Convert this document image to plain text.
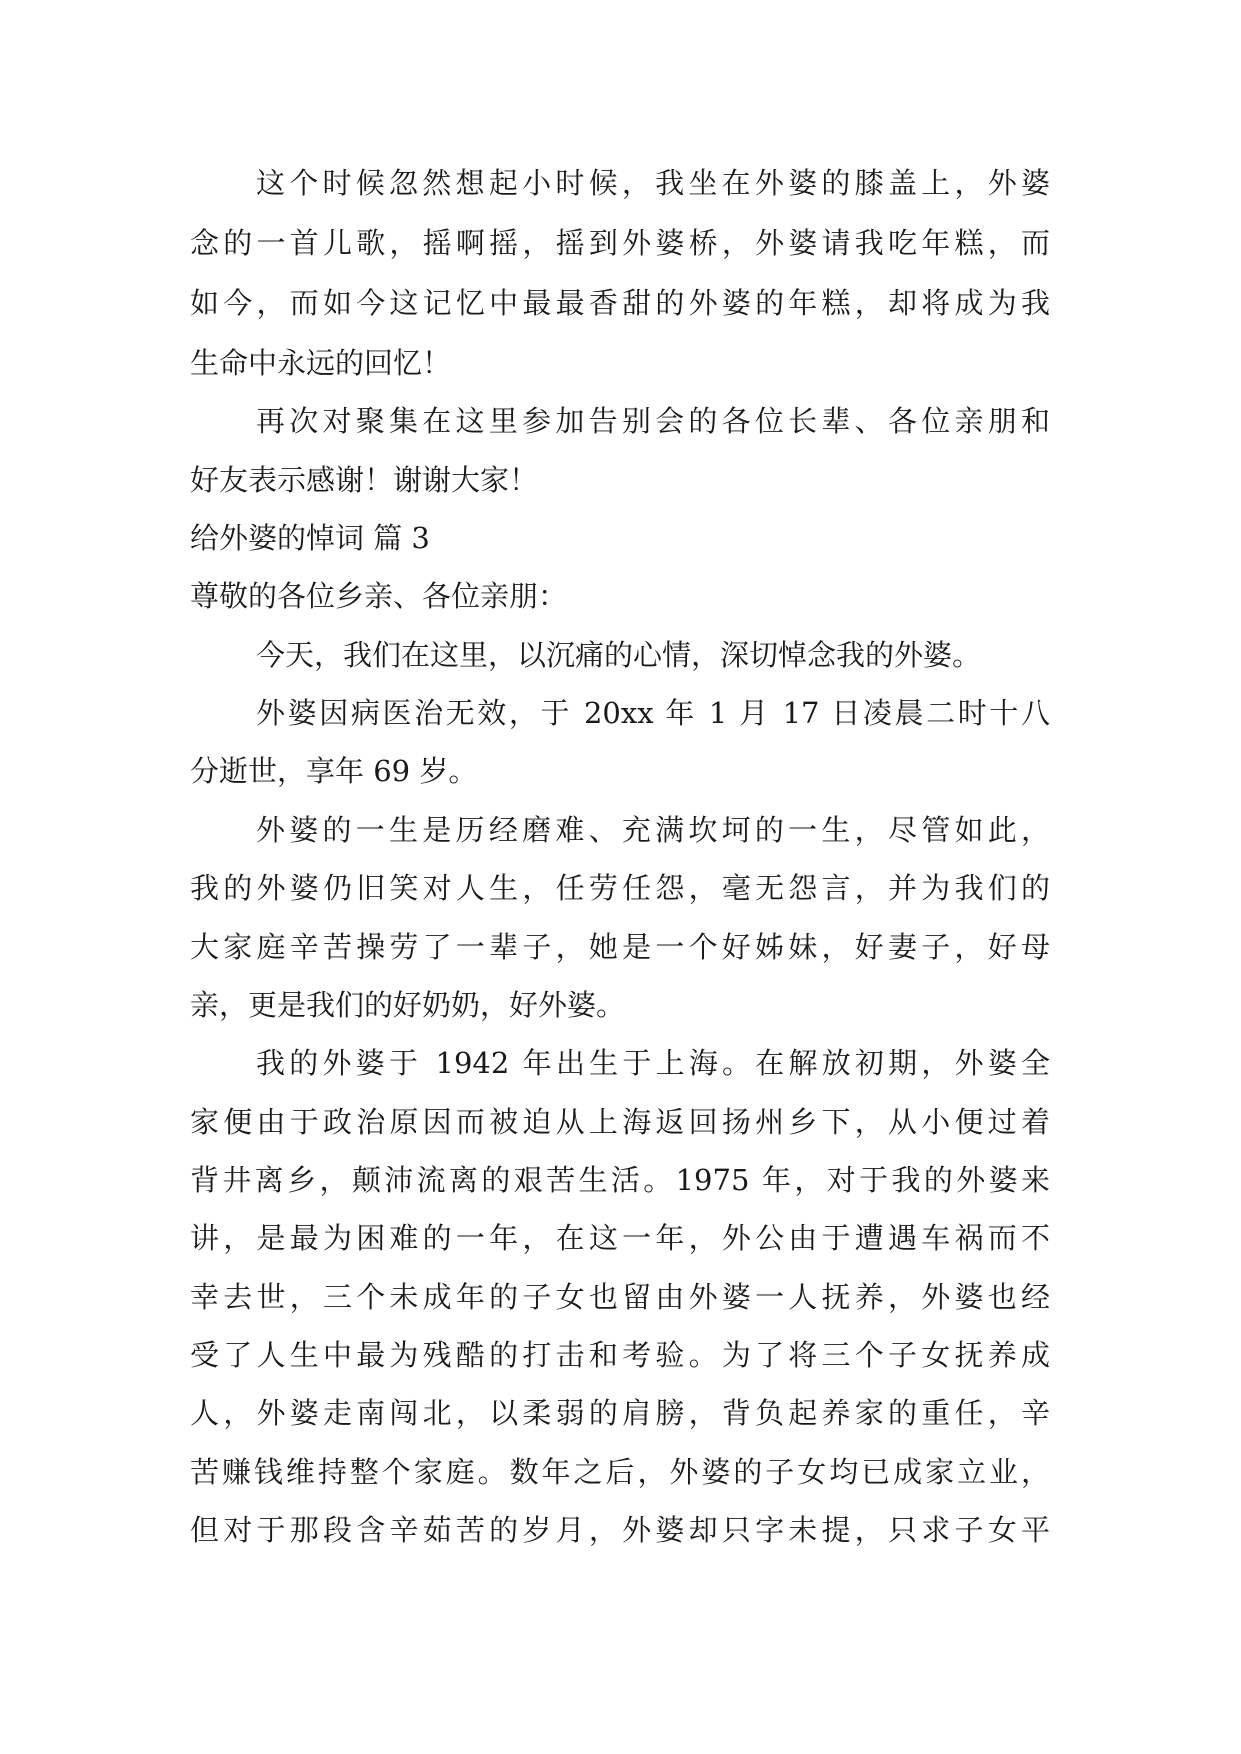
这个时候忽然想起小时候，我坐在外婆的膝盖上，外婆
念的一首儿歌，摇啊摇，摇到外婆桥，外婆请我吃年糕，而
如今，而如今这记忆中最最香甜的外婆的年糕，却将成为我
生命中永远的回忆！
再次对聚集在这里参加告别会的各位长辈、各位亲朋和
好友表示感谢！谢谢大家！
给外婆的悼词 篇 3
尊敬的各位乡亲、各位亲朋：
今天，我们在这里，以沉痛的心情，深切悼念我的外婆。
外婆因病医治无效，于 20xx 年 1 月 17 日凌晨二时十八
分逝世，享年 69 岁。
外婆的一生是历经磨难、充满坎坷的一生，尽管如此，
我的外婆仍旧笑对人生，任劳任怨，毫无怨言，并为我们的
大家庭辛苦操劳了一辈子，她是一个好姊妹，好妻子，好母
亲，更是我们的好奶奶，好外婆。
我的外婆于 1942 年出生于上海。在解放初期，外婆全
家便由于政治原因而被迫从上海返回扬州乡下，从小便过着
背井离乡，颠沛流离的艰苦生活。1975 年，对于我的外婆来
讲，是最为困难的一年，在这一年，外公由于遭遇车祸而不
幸去世，三个未成年的子女也留由外婆一人抚养，外婆也经
受了人生中最为残酷的打击和考验。为了将三个子女抚养成
人，外婆走南闯北，以柔弱的肩膀，背负起养家的重任，辛
苦赚钱维持整个家庭。数年之后，外婆的子女均已成家立业，
但对于那段含辛茹苦的岁月，外婆却只字未提，只求子女平
